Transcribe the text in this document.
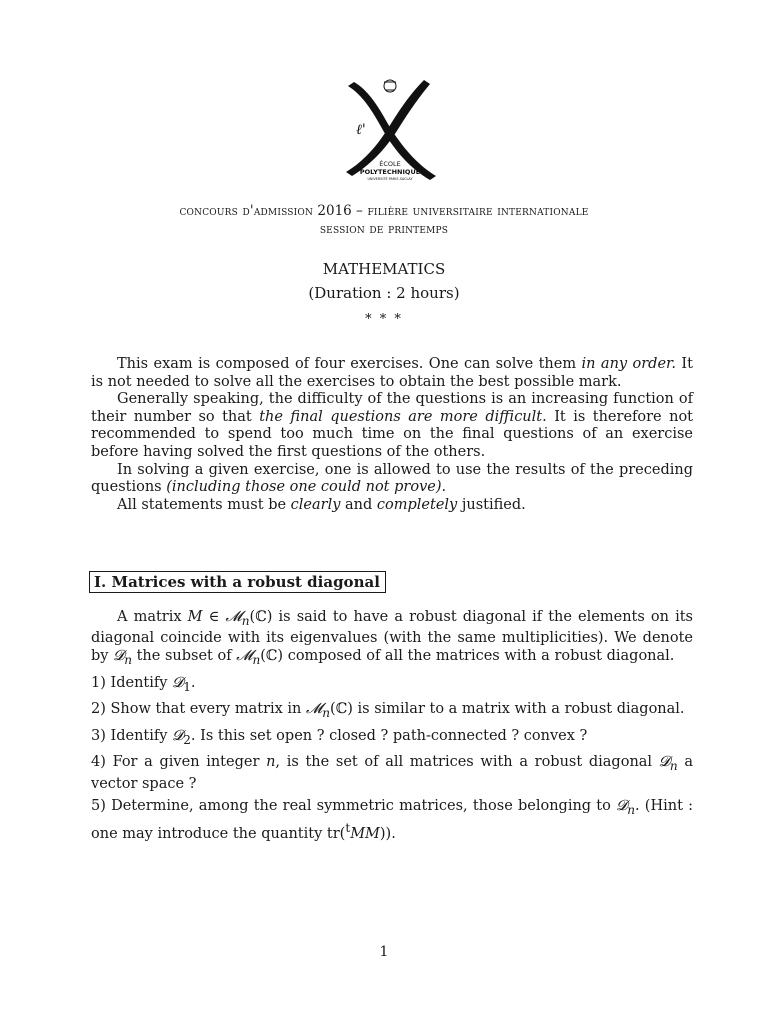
ℓ'
ÉCOLE
POLYTECHNIQUE
UNIVERSITÉ PARIS-SACLAY
concours d'admission 2016 – filière universitaire internationale
session de printemps
MATHEMATICS
(Duration : 2 hours)
* * *

This exam is composed of four exercises. One can solve them in any order. It is not needed to solve all the exercises to obtain the best possible mark.

Generally speaking, the difficulty of the questions is an increasing function of their number so that the final questions are more difficult. It is therefore not recommended to spend too much time on the final questions of an exercise before having solved the first questions of the others.

In solving a given exercise, one is allowed to use the results of the preceding questions (including those one could not prove).

All statements must be clearly and completely justified.

I. Matrices with a robust diagonal

A matrix M ∈ 𝓜$_n$(ℂ) is said to have a robust diagonal if the elements on its diagonal coincide with its eigenvalues (with the same multiplicities). We denote by 𝓓$_n$ the subset of 𝓜$_n$(ℂ) composed of all the matrices with a robust diagonal.

1) Identify 𝓓$_1$.

2) Show that every matrix in 𝓜$_n$(ℂ) is similar to a matrix with a robust diagonal.

3) Identify 𝓓$_2$. Is this set open ? closed ? path-connected ? convex ?

4) For a given integer n, is the set of all matrices with a robust diagonal 𝓓$_n$ a vector space ?

5) Determine, among the real symmetric matrices, those belonging to 𝓓$_n$. (Hint : one may introduce the quantity tr($^t$MM)).

1
